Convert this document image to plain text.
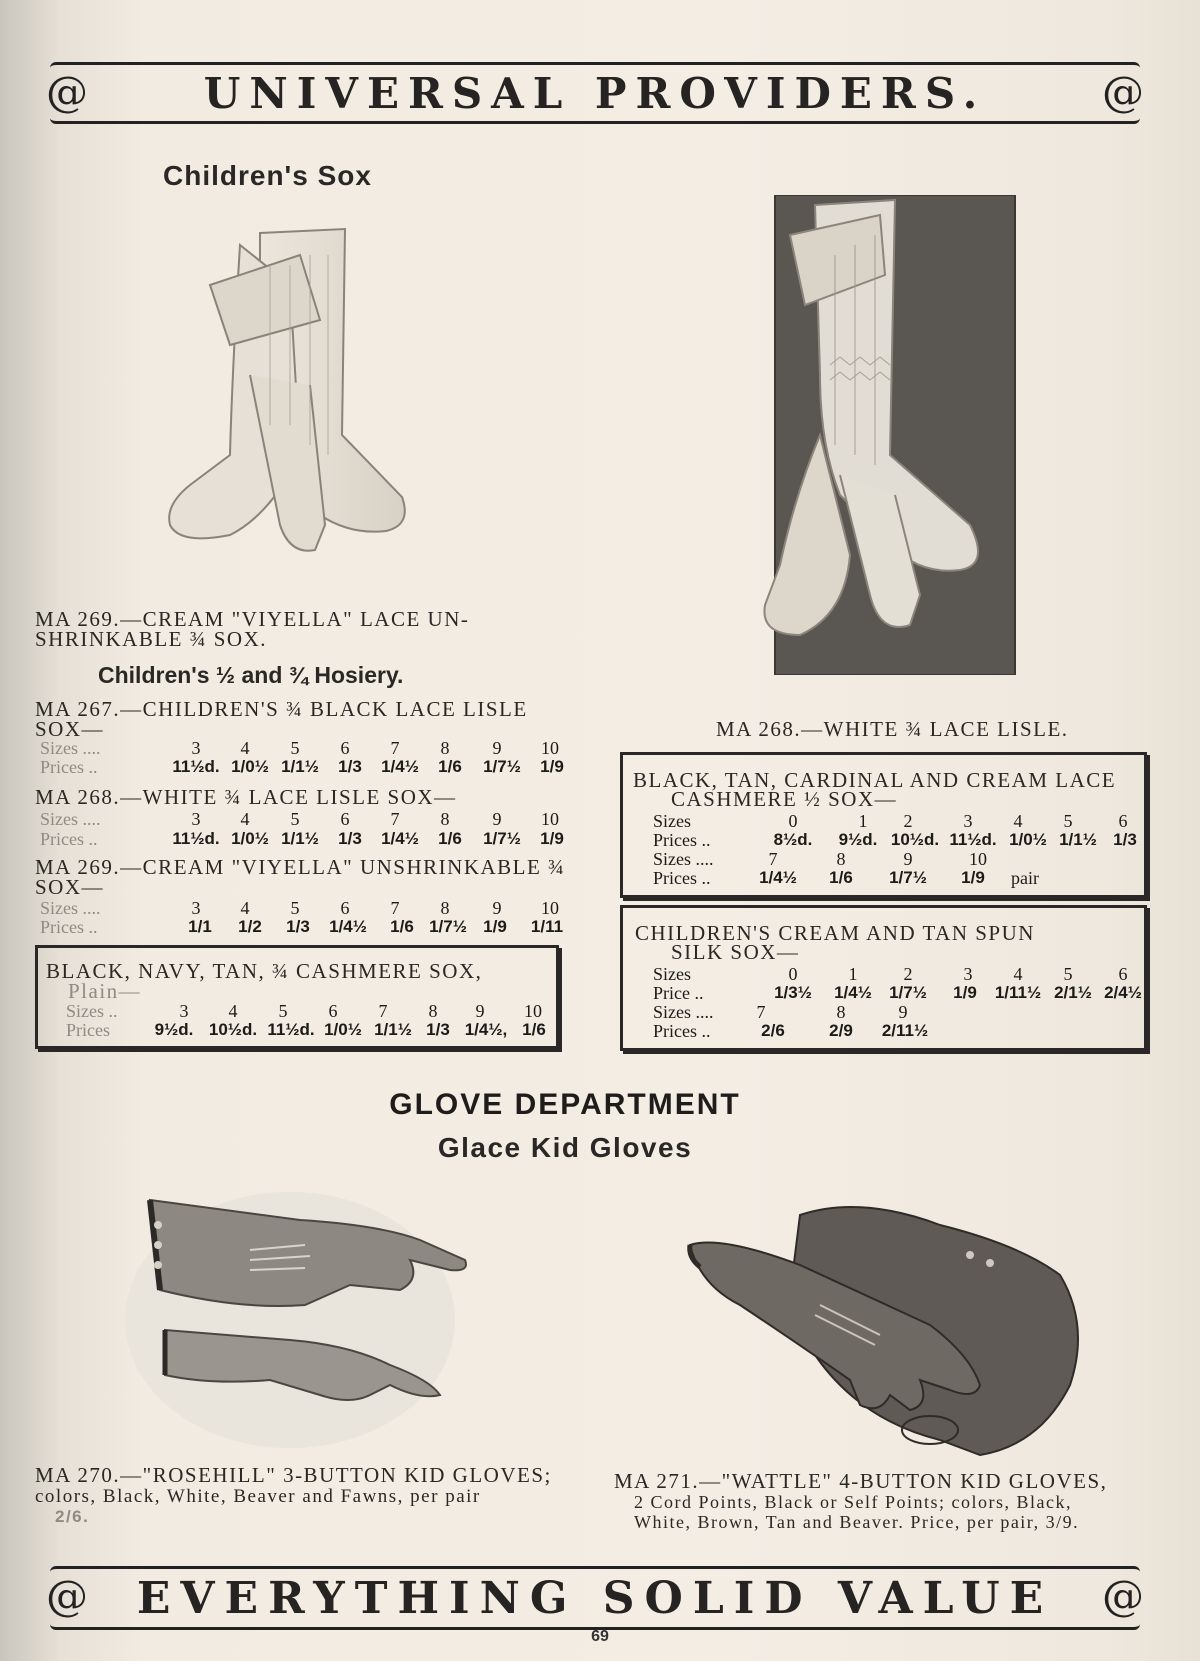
@	UNIVERSAL PROVIDERS.	@
Children's Sox
MA 269.—CREAM "VIYELLA" LACE UN-
SHRINKABLE ¾ SOX.
MA 268.—WHITE ¾ LACE LISLE.
Children's ½ and ¾ Hosiery.
MA 267.—CHILDREN'S ¾ BLACK LACE LISLE
SOX—
Sizes ....	3 4 5 6 7 8 9 10
Prices ..	11½d. 1/0½ 1/1½ 1/3 1/4½ 1/6 1/7½ 1/9
MA 268.—WHITE ¾ LACE LISLE SOX—
Sizes ....	3 4 5 6 7 8 9 10
Prices ..	11½d. 1/0½ 1/1½ 1/3 1/4½ 1/6 1/7½ 1/9
MA 269.—CREAM "VIYELLA" UNSHRINKABLE ¾
SOX—
Sizes ....	3 4 5 6 7 8 9 10
Prices ..	1/1 1/2 1/3 1/4½ 1/6 1/7½ 1/9 1/11
BLACK, NAVY, TAN, ¾ CASHMERE SOX,
Plain—
Sizes ..	3 4 5 6 7 8 9 10
Prices	9½d. 10½d. 11½d. 1/0½ 1/1½ 1/3 1/4½, 1/6
BLACK, TAN, CARDINAL AND CREAM LACE
CASHMERE ½ SOX—
Sizes	0	1 2	3 4 5	6
Prices ..	8½d. 9½d. 10½d. 11½d. 1/0½ 1/1½ 1/3
Sizes ....	7	8	9	10
Prices ..	1/4½ 1/6 1/7½ 1/9 pair
CHILDREN'S CREAM AND TAN SPUN
SILK SOX—
Sizes	0	1	2	3 4 5	6
Price ..	1/3½ 1/4½ 1/7½ 1/9 1/11½ 2/1½ 2/4½
Sizes .... 7	8	9
Prices ..	2/6	2/9 2/11½
GLOVE DEPARTMENT
Glace Kid Gloves
MA 270.—"ROSEHILL" 3-BUTTON KID GLOVES;
colors, Black, White, Beaver and Fawns, per pair
2/6.
MA 271.—"WATTLE" 4-BUTTON KID GLOVES,
2 Cord Points, Black or Self Points; colors, Black,
White, Brown, Tan and Beaver. Price, per pair, 3/9.
@	EVERYTHING SOLID VALUE	@
69
